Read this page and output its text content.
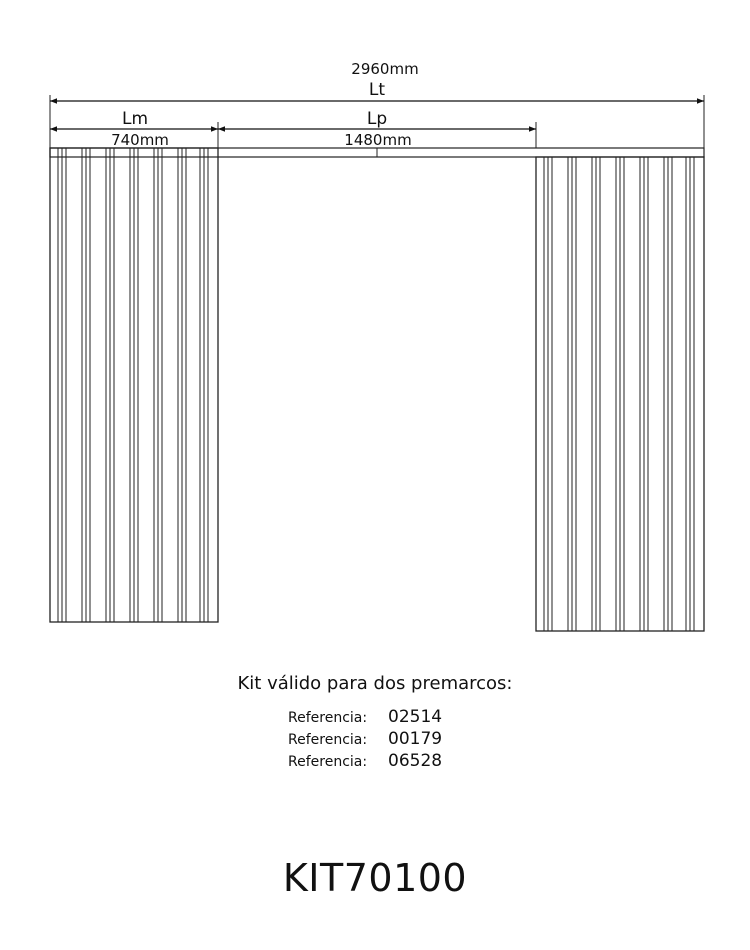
2960mm
Lt
Lm
740mm
Lp
1480mm
Kit válido para dos premarcos:
Referencia:	02514
Referencia:	00179
Referencia:	06528
KIT70100
